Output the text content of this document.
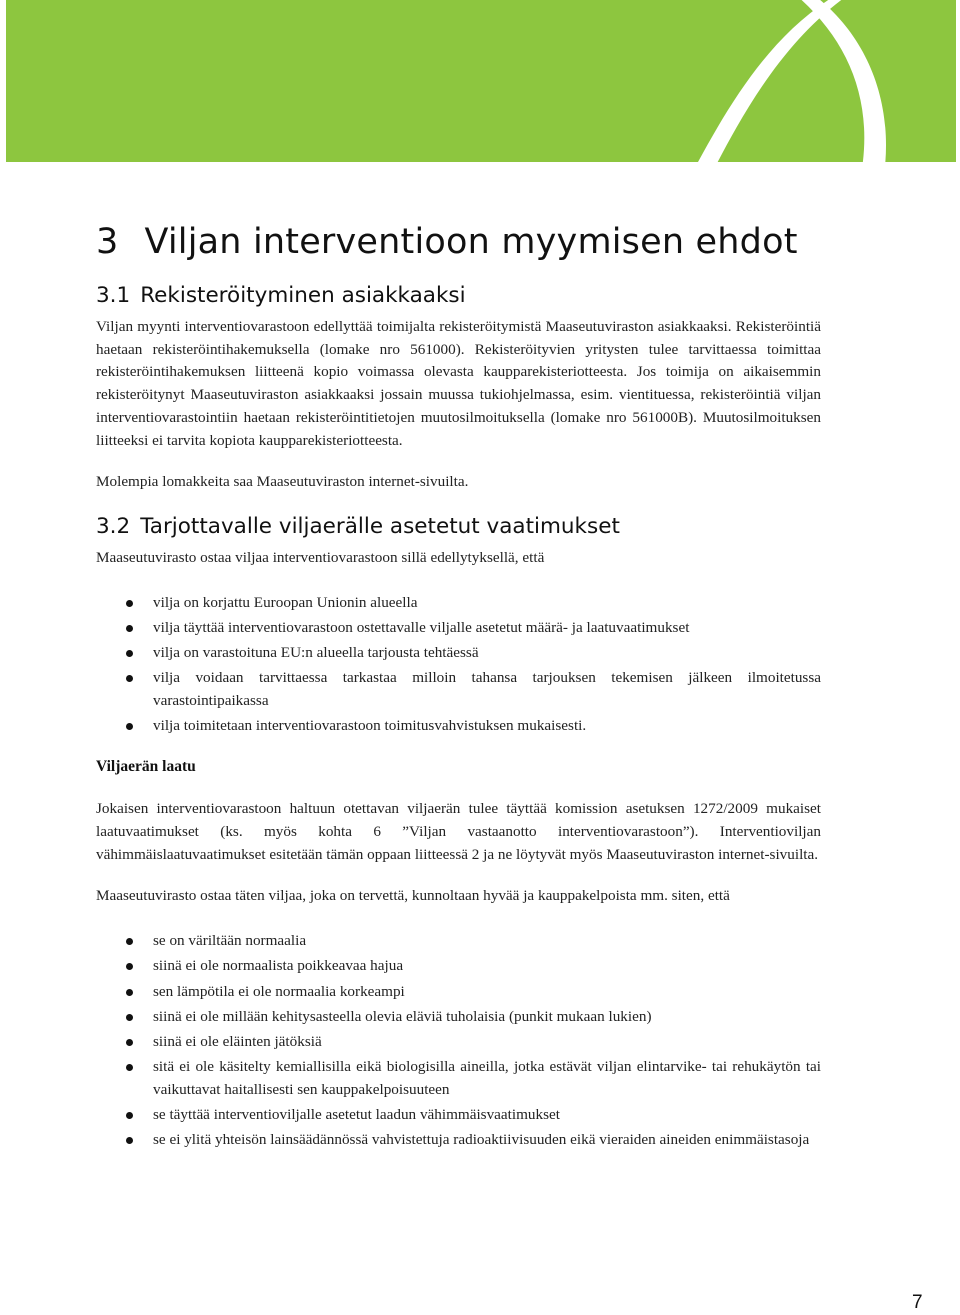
3 Viljan interventioon myymisen ehdot
3.1 Rekisteröityminen asiakkaaksi

Viljan myynti interventiovarastoon edellyttää toimijalta rekisteröitymistä Maaseutuviraston asiakkaaksi. Rekisteröintiä haetaan rekisteröintihakemuksella (lomake nro 561000). Rekisteröityvien yritysten tulee tarvittaessa toimittaa rekisteröintihakemuksen liitteenä kopio voimassa olevasta kaupparekisteriotteesta. Jos toimija on aikaisemmin rekisteröitynyt Maaseutuviraston asiakkaaksi jossain muussa tukiohjelmassa, esim. vientituessa, rekisteröintiä viljan interventiovarastointiin haetaan rekisteröintitietojen muutosilmoituksella (lomake nro 561000B). Muutosilmoituksen liitteeksi ei tarvita kopiota kaupparekisteriotteesta.

Molempia lomakkeita saa Maaseutuviraston internet-sivuilta.

3.2 Tarjottavalle viljaerälle asetetut vaatimukset

Maaseutuvirasto ostaa viljaa interventiovarastoon sillä edellytyksellä, että

vilja on korjattu Euroopan Unionin alueella
vilja täyttää interventiovarastoon ostettavalle viljalle asetetut määrä- ja laatuvaatimukset
vilja on varastoituna EU:n alueella tarjousta tehtäessä
vilja voidaan tarvittaessa tarkastaa milloin tahansa tarjouksen tekemisen jälkeen ilmoitetussa varastointipaikassa
vilja toimitetaan interventiovarastoon toimitusvahvistuksen mukaisesti.
Viljaerän laatu

Jokaisen interventiovarastoon haltuun otettavan viljaerän tulee täyttää komission asetuksen 1272/2009 mukaiset laatuvaatimukset (ks. myös kohta 6 ”Viljan vastaanotto interventiovarastoon”). Interventioviljan vähimmäislaatuvaatimukset esitetään tämän oppaan liitteessä 2 ja ne löytyvät myös Maaseutuviraston internet-sivuilta.

Maaseutuvirasto ostaa täten viljaa, joka on tervettä, kunnoltaan hyvää ja kauppakelpoista mm. siten, että

se on väriltään normaalia
siinä ei ole normaalista poikkeavaa hajua
sen lämpötila ei ole normaalia korkeampi
siinä ei ole millään kehitysasteella olevia eläviä tuholaisia (punkit mukaan lukien)
siinä ei ole eläinten jätöksiä
sitä ei ole käsitelty kemiallisilla eikä biologisilla aineilla, jotka estävät viljan elintarvike- tai rehukäytön tai vaikuttavat haitallisesti sen kauppakelpoisuuteen
se täyttää interventioviljalle asetetut laadun vähimmäisvaatimukset
se ei ylitä yhteisön lainsäädännössä vahvistettuja radioaktiivisuuden eikä vieraiden aineiden enimmäistasoja
7
